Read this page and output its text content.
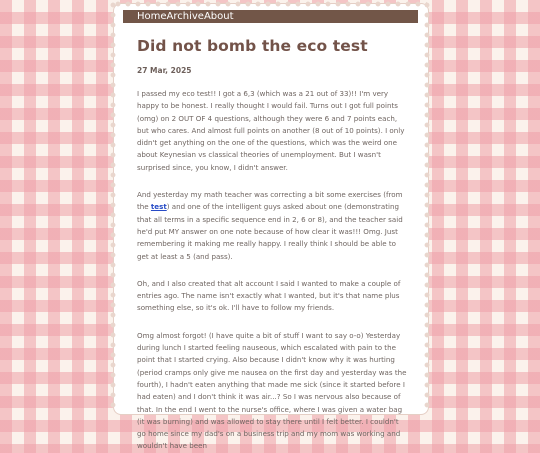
Home Archive About
Did not bomb the eco test
27 Mar, 2025

I passed my eco test!! I got a 6,3 (which was a 21 out of 33)!! I'm very happy to be honest. I really thought I would fail. Turns out I got full points (omg) on 2 OUT OF 4 questions, although they were 6 and 7 points each, but who cares. And almost full points on another (8 out of 10 points). I only didn't get anything on the one of the questions, which was the weird one about Keynesian vs classical theories of unemployment. But I wasn't surprised since, you know, I didn't answer.

And yesterday my math teacher was correcting a bit some exercises (from the test) and one of the intelligent guys asked about one (demonstrating that all terms in a specific sequence end in 2, 6 or 8), and the teacher said he'd put MY answer on one note because of how clear it was!!! Omg. Just remembering it making me really happy. I really think I should be able to get at least a 5 (and pass).

Oh, and I also created that alt account I said I wanted to make a couple of entries ago. The name isn't exactly what I wanted, but it's that name plus something else, so it's ok. I'll have to follow my friends.

Omg almost forgot! (I have quite a bit of stuff I want to say o-o) Yesterday during lunch I started feeling nauseous, which escalated with pain to the point that I started crying. Also because I didn't know why it was hurting (period cramps only give me nausea on the first day and yesterday was the fourth), I hadn't eaten anything that made me sick (since it started before I had eaten) and I don't think it was air...? So I was nervous also because of that. In the end I went to the nurse's office, where I was given a water bag (it was burning) and was allowed to stay there until I felt better. I couldn't go home since my dad's on a business trip and my mom was working and wouldn't have been
